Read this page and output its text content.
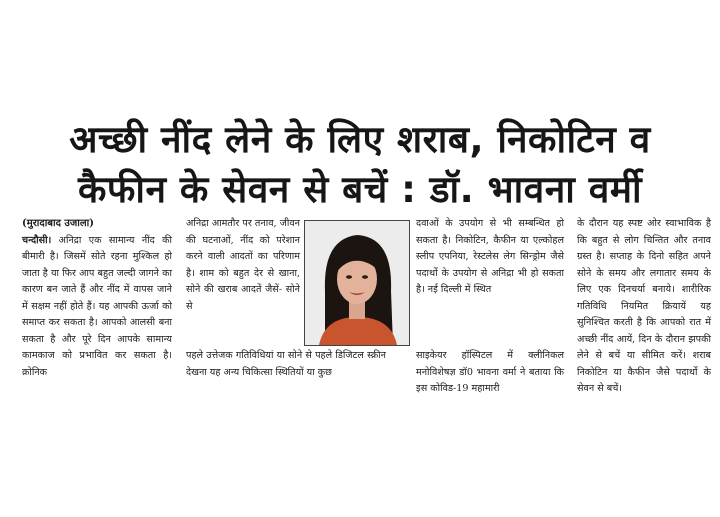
अच्छी नींद लेने के लिए शराब, निकोटिन व
कैफीन के सेवन से बचें : डॉ. भावना वर्मी

(मुरादाबाद उजाला)

चन्दौसी। अनिद्रा एक सामान्य नींद की बीमारी है। जिसमें सोते रहना मुश्किल हो जाता है या फिर आप बहुत जल्दी जागने का कारण बन जाते हैं और नींद में वापस जाने में सक्षम नहीं होते हैं। यह आपकी ऊर्जा को समाप्त कर सकता है। आपको आलसी बना सकता है और पूरे दिन आपके सामान्य कामकाज को प्रभावित कर सकता है। क्रोनिक

अनिद्रा आमतौर पर तनाव, जीवन की घटनाओं, नींद को परेशान करने वाली आदतों का परिणाम है। शाम को बहुत देर से खाना, सोने की खराब आदतें जैसें- सोने से

पहले उत्तेजक गतिविधियां या सोने से पहले डिजिटल स्क्रीन देखना यह अन्य चिकित्सा स्थितियों या कुछ

दवाओं के उपयोग से भी सम्बन्धित हो सकता है। निकोटिन, कैफीन या एल्कोहल स्लीप एपनिया, रेस्टलेस लेग सिन्ड्रोम जैसे पदार्थो के उपयोग से अनिद्रा भी हो सकता है। नई दिल्ली में स्थित

साइकेयर हॉस्पिटल में क्लीनिकल मनोविशेषज्ञ डॉ0 भावना वर्मा ने बताया कि इस कोविड-19 महामारी

के दौरान यह स्पष्ट ओर स्वाभाविक है कि बहुत से लोग चिन्तित और तनाव ग्रस्त है। सप्ताह के दिनो सहित अपने सोने के समय और लगातार समय के लिए एक दिनचर्या बनाये। शारीरिक गतिविधि नियमित क्रियायें यह सुनिश्चित करती है कि आपको रात में अच्छी नींद आयें, दिन के दौरान झपकी लेने से बचें या सीमित करें। शराब निकोटिन या कैफीन जैसे पदार्थो के सेवन से बचें।
